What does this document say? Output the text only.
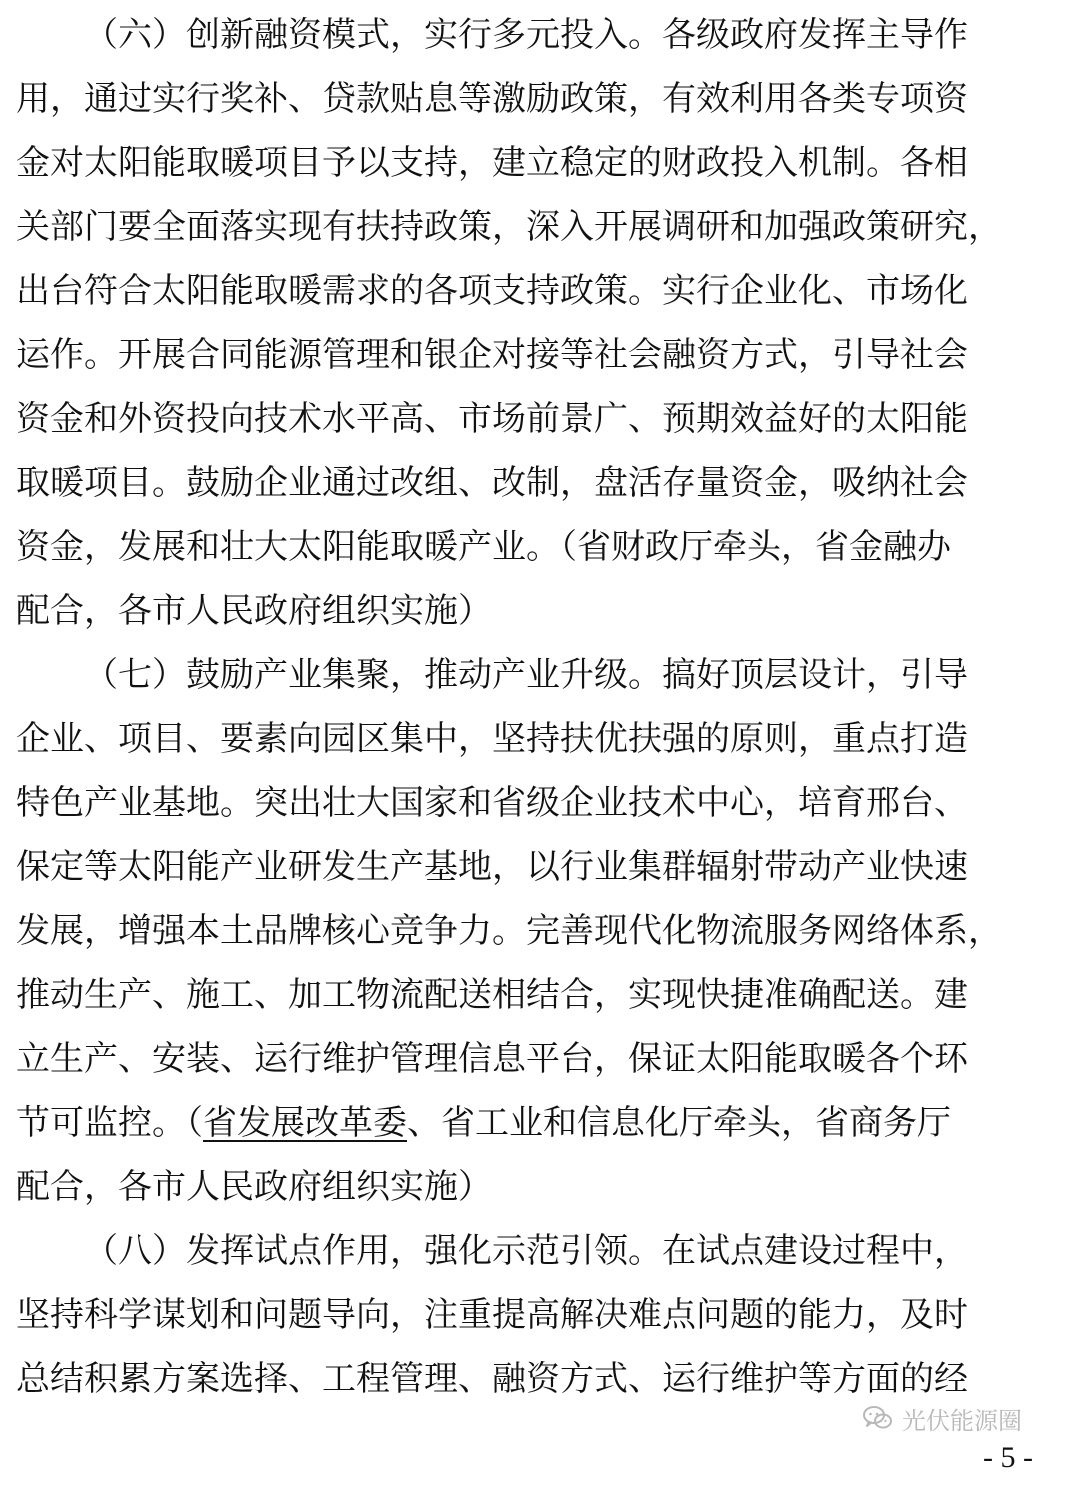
（六）创新融资模式，实行多元投入。各级政府发挥主导作
用，通过实行奖补、贷款贴息等激励政策，有效利用各类专项资
金对太阳能取暖项目予以支持，建立稳定的财政投入机制。各相
关部门要全面落实现有扶持政策，深入开展调研和加强政策研究，
出台符合太阳能取暖需求的各项支持政策。实行企业化、市场化
运作。开展合同能源管理和银企对接等社会融资方式，引导社会
资金和外资投向技术水平高、市场前景广、预期效益好的太阳能
取暖项目。鼓励企业通过改组、改制，盘活存量资金，吸纳社会
资金，发展和壮大太阳能取暖产业。（省财政厅牵头，省金融办
配合，各市人民政府组织实施）
（七）鼓励产业集聚，推动产业升级。搞好顶层设计，引导
企业、项目、要素向园区集中，坚持扶优扶强的原则，重点打造
特色产业基地。突出壮大国家和省级企业技术中心，培育邢台、
保定等太阳能产业研发生产基地，以行业集群辐射带动产业快速
发展，增强本土品牌核心竞争力。完善现代化物流服务网络体系，
推动生产、施工、加工物流配送相结合，实现快捷准确配送。建
立生产、安装、运行维护管理信息平台，保证太阳能取暖各个环
节可监控。（省发展改革委、省工业和信息化厅牵头，省商务厅
配合，各市人民政府组织实施）
（八）发挥试点作用，强化示范引领。在试点建设过程中，
坚持科学谋划和问题导向，注重提高解决难点问题的能力，及时
总结积累方案选择、工程管理、融资方式、运行维护等方面的经
光伏能源圈
- 5 -
